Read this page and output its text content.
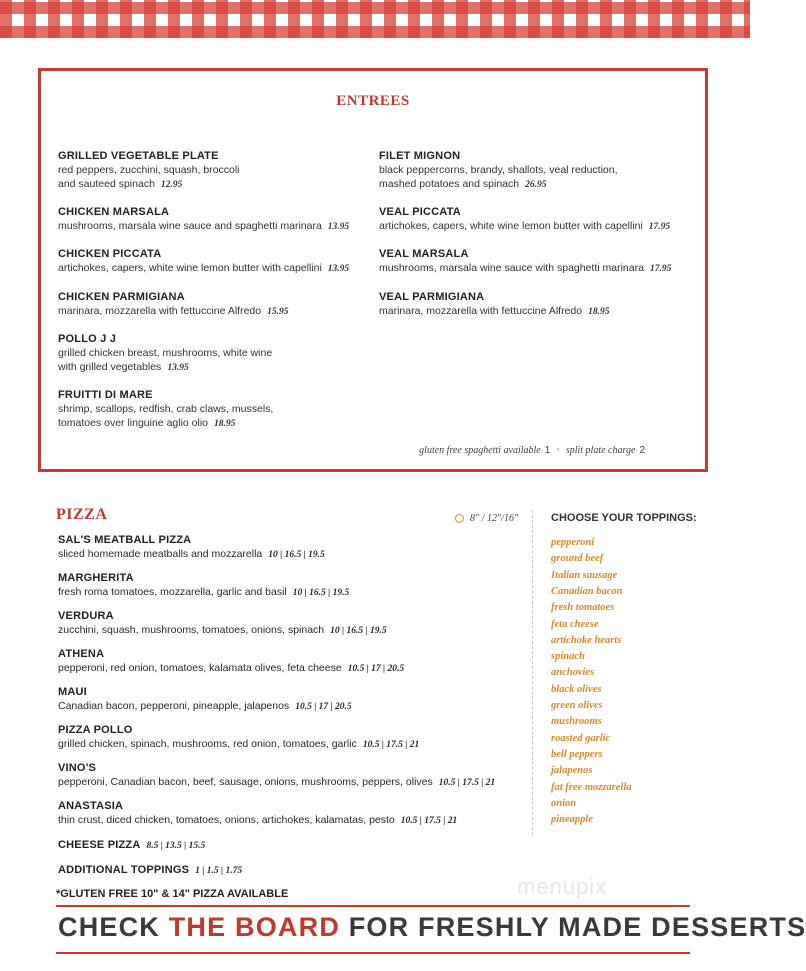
ENTREES
GRILLED VEGETABLE PLATE
red peppers, zucchini, squash, broccoli
and sauteed spinach 12.95
CHICKEN MARSALA
mushrooms, marsala wine sauce and spaghetti marinara 13.95
CHICKEN PICCATA
artichokes, capers, white wine lemon butter with capellini 13.95
CHICKEN PARMIGIANA
marinara, mozzarella with fettuccine Alfredo 15.95
POLLO J J
grilled chicken breast, mushrooms, white wine
with grilled vegetables 13.95
FRUITTI DI MARE
shrimp, scallops, redfish, crab claws, mussels,
tomatoes over linguine aglio olio 18.95
FILET MIGNON
black peppercorns, brandy, shallots, veal reduction,
mashed potatoes and spinach 26.95
VEAL PICCATA
artichokes, capers, white wine lemon butter with capellini 17.95
VEAL MARSALA
mushrooms, marsala wine sauce with spaghetti marinara 17.95
VEAL PARMIGIANA
marinara, mozzarella with fettuccine Alfredo 18.95
gluten free spaghetti available 1 • split plate charge 2
PIZZA	8" / 12"/16"
SAL'S MEATBALL PIZZA
sliced homemade meatballs and mozzarella 10 | 16.5 | 19.5
MARGHERITA
fresh roma tomatoes, mozzarella, garlic and basil 10 | 16.5 | 19.5
VERDURA
zucchini, squash, mushrooms, tomatoes, onions, spinach 10 | 16.5 | 19.5
ATHENA
pepperoni, red onion, tomatoes, kalamata olives, feta cheese 10.5 | 17 | 20.5
MAUI
Canadian bacon, pepperoni, pineapple, jalapenos 10.5 | 17 | 20.5
PIZZA POLLO
grilled chicken, spinach, mushrooms, red onion, tomatoes, garlic 10.5 | 17.5 | 21
VINO'S
pepperoni, Canadian bacon, beef, sausage, onions, mushrooms, peppers, olives 10.5 | 17.5 | 21
ANASTASIA
thin crust, diced chicken, tomatoes, onions, artichokes, kalamatas, pesto 10.5 | 17.5 | 21
CHEESE PIZZA 8.5 | 13.5 | 15.5
ADDITIONAL TOPPINGS 1 | 1.5 | 1.75
*GLUTEN FREE 10" & 14" PIZZA AVAILABLE
CHOOSE YOUR TOPPINGS:
pepperoni
ground beef
Italian sausage
Canadian bacon
fresh tomatoes
feta cheese
artichoke hearts
spinach
anchovies
black olives
green olives
mushrooms
roasted garlic
bell peppers
jalapenos
fat free mozzarella
onion
pineapple
menupix
CHECK THE BOARD FOR FRESHLY MADE DESSERTS
